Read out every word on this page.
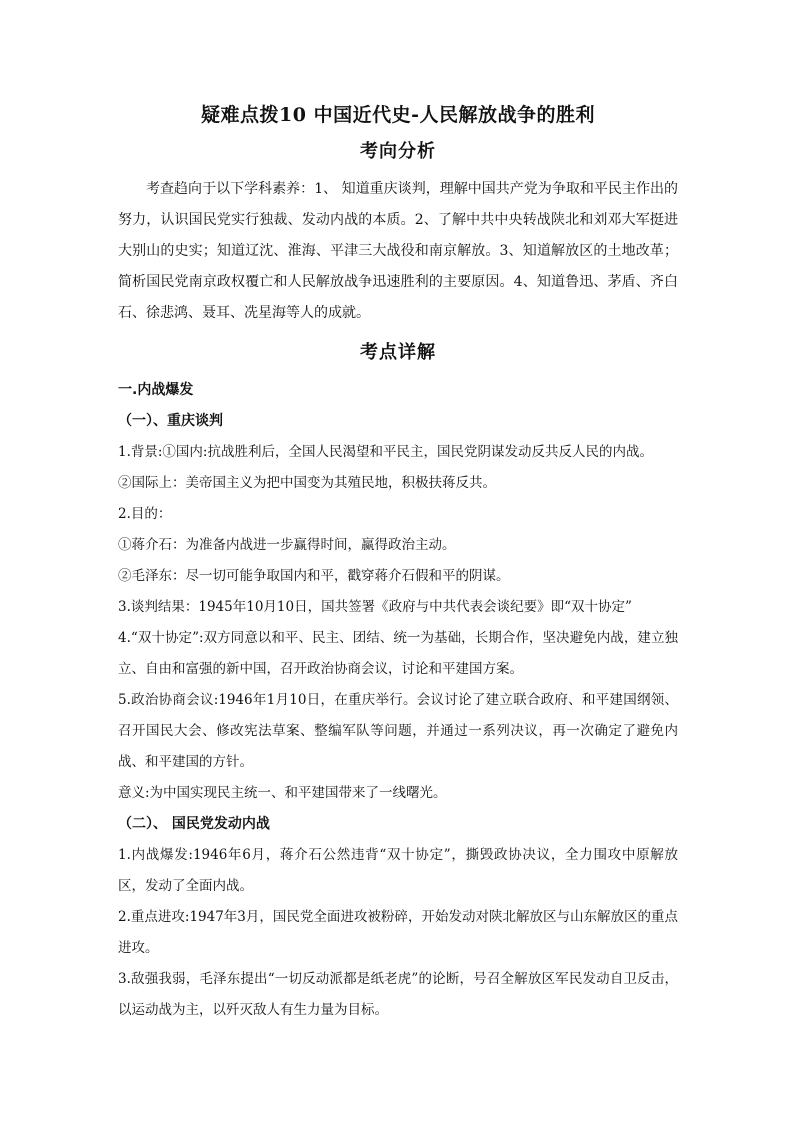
疑难点拨10 中国近代史-人民解放战争的胜利
考向分析

考查趋向于以下学科素养：1、 知道重庆谈判，理解中国共产党为争取和平民主作出的努力，认识国民党实行独裁、发动内战的本质。2、了解中共中央转战陕北和刘邓大军挺进大别山的史实；知道辽沈、淮海、平津三大战役和南京解放。3、知道解放区的土地改革；简析国民党南京政权覆亡和人民解放战争迅速胜利的主要原因。4、知道鲁迅、茅盾、齐白石、徐悲鸿、聂耳、冼星海等人的成就。

考点详解

一.内战爆发

（一）、重庆谈判

1.背景:①国内:抗战胜利后，全国人民渴望和平民主，国民党阴谋发动反共反人民的内战。

②国际上：美帝国主义为把中国变为其殖民地，积极扶蒋反共。

2.目的：

①蒋介石：为准备内战进一步赢得时间，赢得政治主动。

②毛泽东：尽一切可能争取国内和平，戳穿蒋介石假和平的阴谋。

3.谈判结果：1945年10月10日，国共签署《政府与中共代表会谈纪要》即“双十协定”

4.“双十协定”:双方同意以和平、民主、团结、统一为基础，长期合作，坚决避免内战，建立独立、自由和富强的新中国，召开政治协商会议，讨论和平建国方案。

5.政治协商会议:1946年1月10日，在重庆举行。会议讨论了建立联合政府、和平建国纲领、召开国民大会、修改宪法草案、整编军队等问题，并通过一系列决议，再一次确定了避免内战、和平建国的方针。

意义:为中国实现民主统一、和平建国带来了一线曙光。

（二）、 国民党发动内战

1.内战爆发:1946年6月，蒋介石公然违背“双十协定”，撕毁政协决议，全力围攻中原解放区，发动了全面内战。

2.重点进攻:1947年3月，国民党全面进攻被粉碎，开始发动对陕北解放区与山东解放区的重点进攻。

3.敌强我弱，毛泽东提出“一切反动派都是纸老虎”的论断，号召全解放区军民发动自卫反击，以运动战为主，以歼灭敌人有生力量为目标。
